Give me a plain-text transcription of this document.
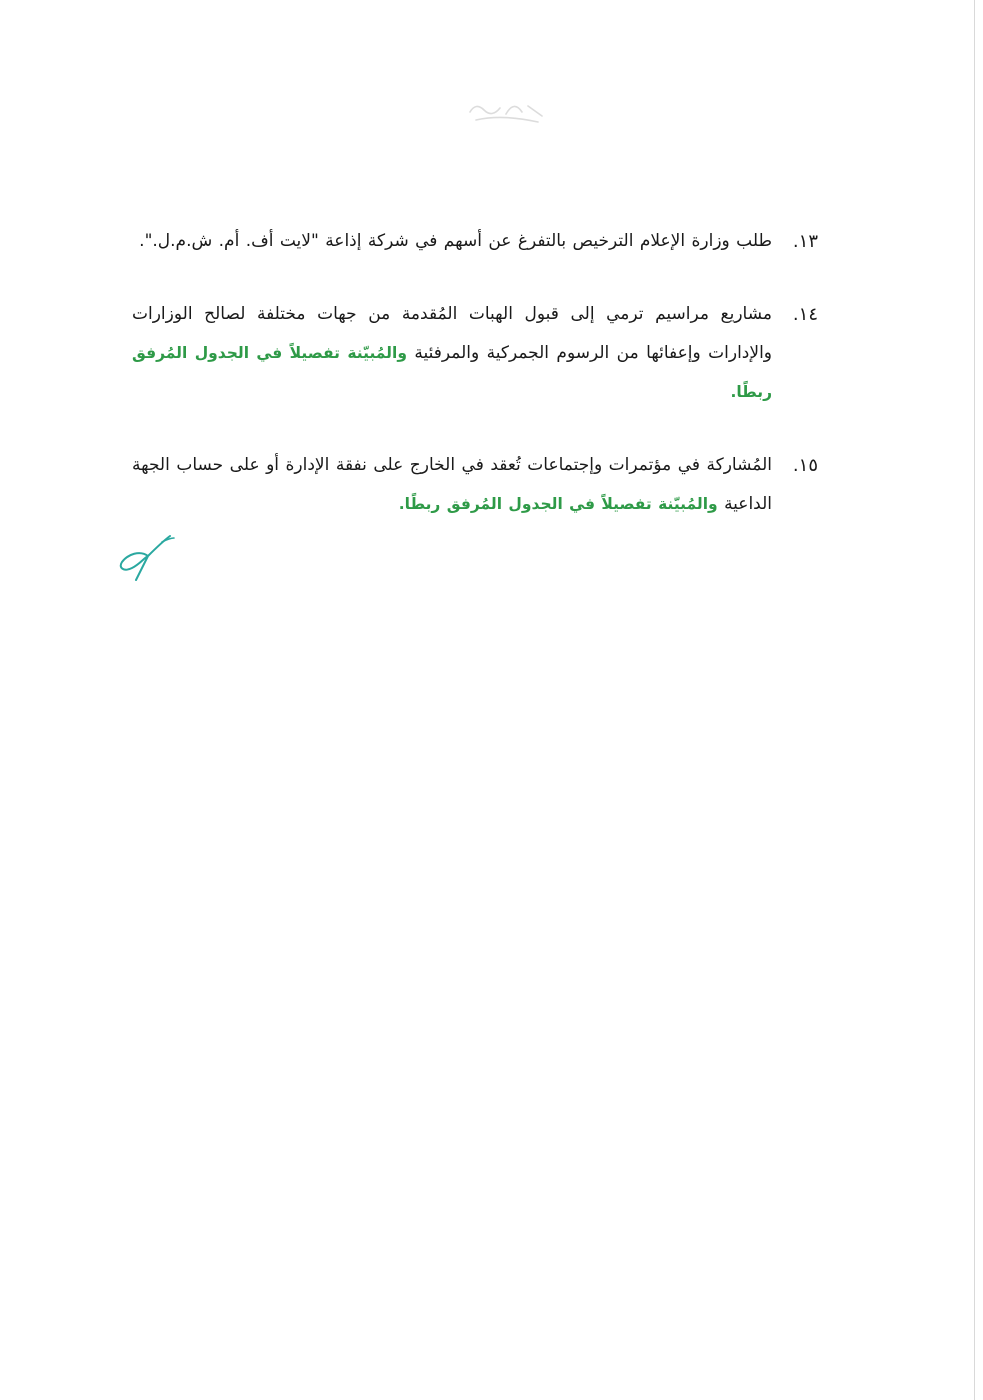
١٣.
طلب وزارة الإعلام الترخيص بالتفرغ عن أسهم في شركة إذاعة "لايت أف. أم. ش.م.ل.".
١٤.
مشاريع مراسيم ترمي إلى قبول الهبات المُقدمة من جهات مختلفة لصالح الوزارات والإدارات وإعفائها من الرسوم الجمركية والمرفئية والمُبيّنة تفصيلاً في الجدول المُرفق ربطًا.
١٥.
المُشاركة في مؤتمرات وإجتماعات تُعقد في الخارج على نفقة الإدارة أو على حساب الجهة الداعية والمُبيّنة تفصيلاً في الجدول المُرفق ربطًا.
